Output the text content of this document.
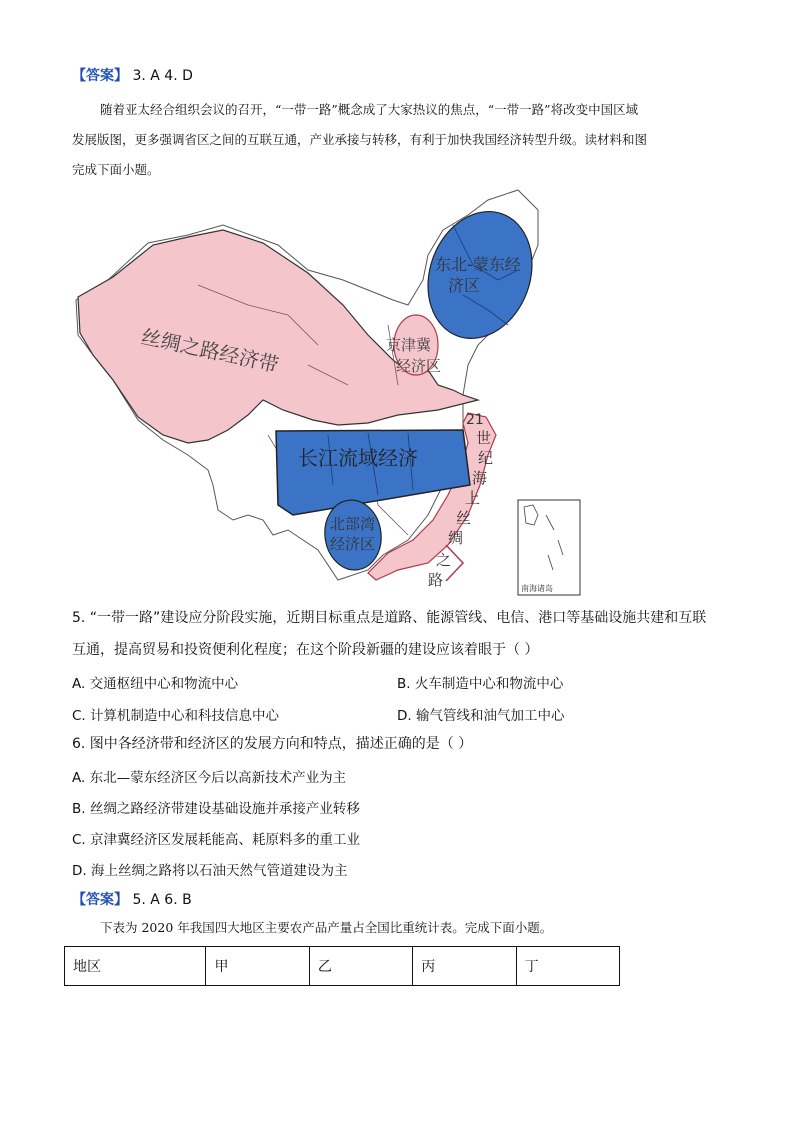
【答案】 3. A 4. D
随着亚太经合组织会议的召开，“一带一路”概念成了大家热议的焦点，“一带一路”将改变中国区域
发展版图，更多强调省区之间的互联互通，产业承接与转移，有利于加快我国经济转型升级。读材料和图
完成下面小题。
东北-蒙东经
济区
丝绸之路经济带	京津冀
经济区
长江流域经济
北部湾
经济区
21
世
纪
海
上
丝
绸
之
路	南海诸岛
5. “一带一路”建设应分阶段实施，近期目标重点是道路、能源管线、电信、港口等基础设施共建和互联
互通，提高贸易和投资便利化程度；在这个阶段新疆的建设应该着眼于（ ）
A. 交通枢纽中心和物流中心	B. 火车制造中心和物流中心
C. 计算机制造中心和科技信息中心	D. 输气管线和油气加工中心
6. 图中各经济带和经济区的发展方向和特点，描述正确的是（ ）
A. 东北—蒙东经济区今后以高新技术产业为主
B. 丝绸之路经济带建设基础设施并承接产业转移
C. 京津冀经济区发展耗能高、耗原料多的重工业
D. 海上丝绸之路将以石油天然气管道建设为主
【答案】 5. A 6. B
下表为 2020 年我国四大地区主要农产品产量占全国比重统计表。完成下面小题。
地区	甲	乙	丙	丁
